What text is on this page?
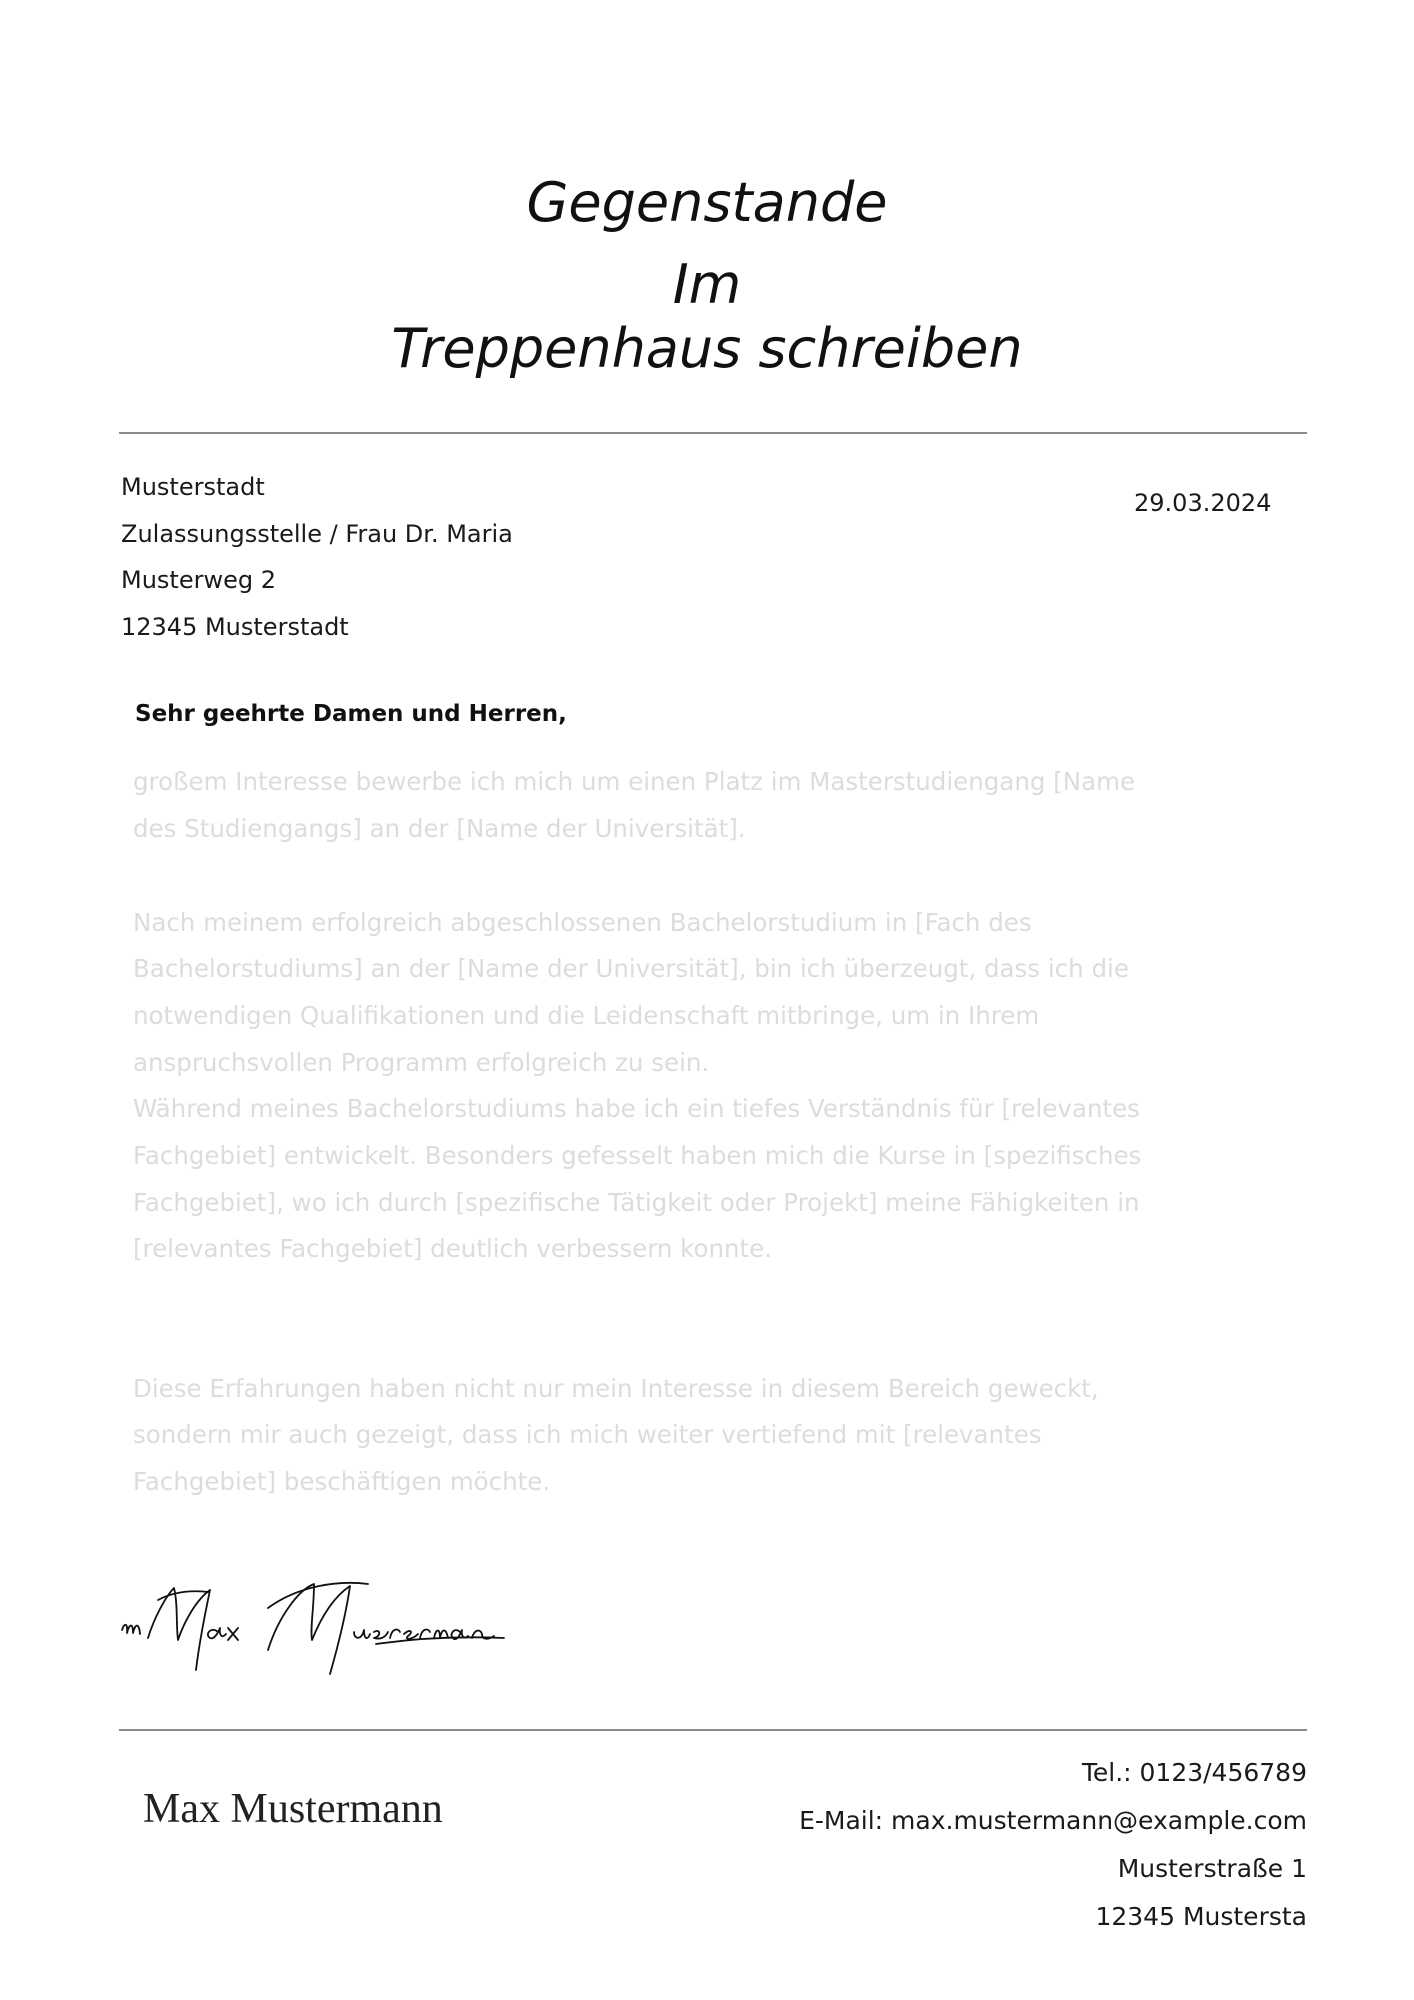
Gegenstande
Im
Treppenhaus schreiben
Musterstadt
Zulassungsstelle / Frau Dr. Maria
Musterweg 2
12345 Musterstadt
29.03.2024
Sehr geehrte Damen und Herren,
großem Interesse bewerbe ich mich um einen Platz im Masterstudiengang [Name
des Studiengangs] an der [Name der Universität].
Nach meinem erfolgreich abgeschlossenen Bachelorstudium in [Fach des
Bachelorstudiums] an der [Name der Universität], bin ich überzeugt, dass ich die
notwendigen Qualifikationen und die Leidenschaft mitbringe, um in Ihrem
anspruchsvollen Programm erfolgreich zu sein.
Während meines Bachelorstudiums habe ich ein tiefes Verständnis für [relevantes
Fachgebiet] entwickelt. Besonders gefesselt haben mich die Kurse in [spezifisches
Fachgebiet], wo ich durch [spezifische Tätigkeit oder Projekt] meine Fähigkeiten in
[relevantes Fachgebiet] deutlich verbessern konnte.
Diese Erfahrungen haben nicht nur mein Interesse in diesem Bereich geweckt,
sondern mir auch gezeigt, dass ich mich weiter vertiefend mit [relevantes
Fachgebiet] beschäftigen möchte.
Max Mustermann
Tel.: 0123/456789
E-Mail: max.mustermann@example.com
Musterstraße 1
12345 Mustersta
